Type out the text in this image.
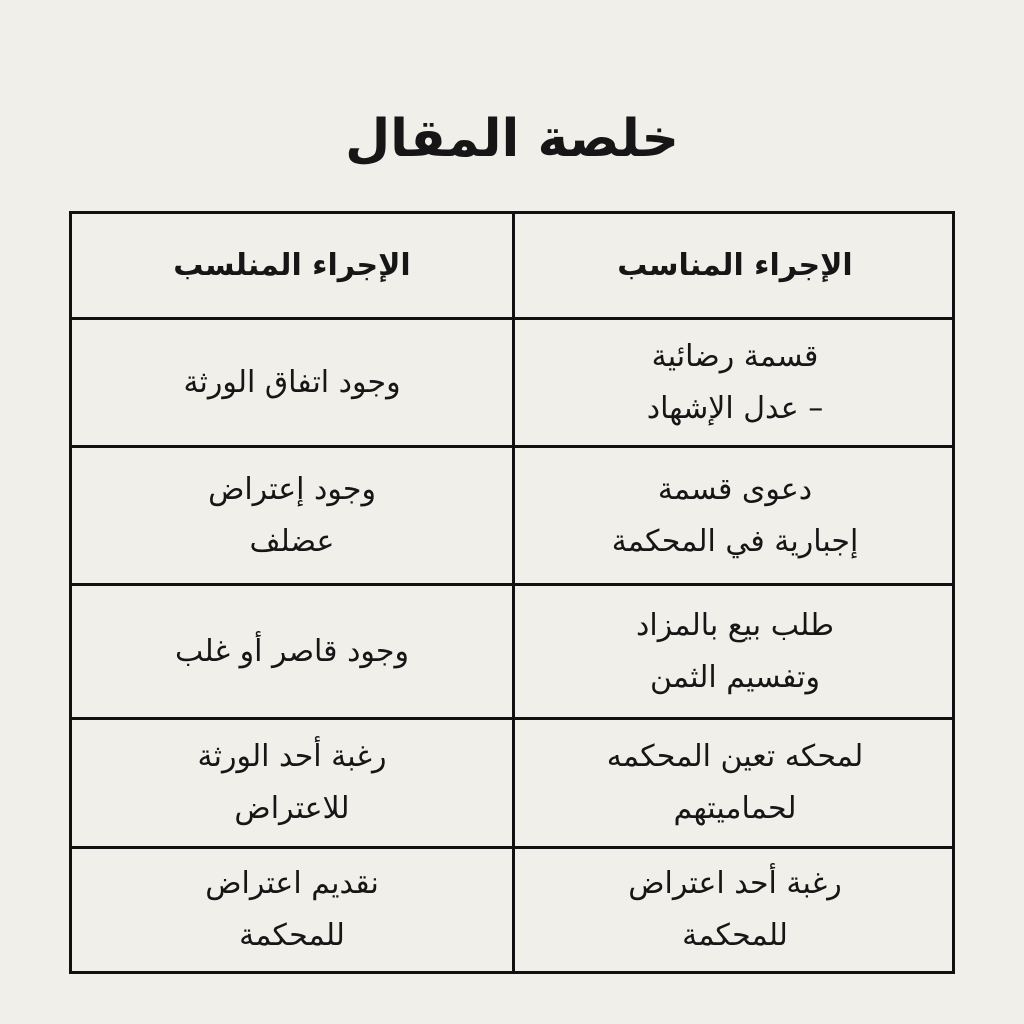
خلصة المقال
الإجراء المنلسب	الإجراء المناسب
وجود اتفاق الورثة
قسمة رضائية
– عدل الإشهاد
وجود إعتراض
عضلف
دعوى قسمة
إجبارية في المحكمة
وجود قاصر أو غلب
طلب بيع بالمزاد
وتفسيم الثمن
رغبة أحد الورثة
للاعتراض
لمحكه تعين المحكمه
لحماميتهم
نقديم اعتراض
للمحكمة
رغبة أحد اعتراض
للمحكمة
